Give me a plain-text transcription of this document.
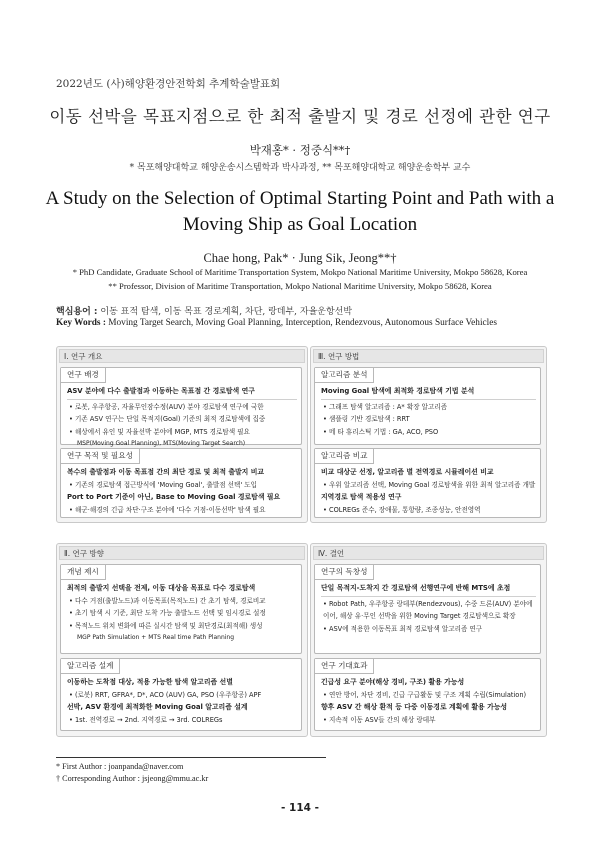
2022년도 (사)해양환경안전학회 추계학술발표회
이동 선박을 목표지점으로 한 최적 출발지 및 경로 선정에 관한 연구
박재홍* · 정중식**†
* 목포해양대학교 해양운송시스템학과 박사과정, ** 목포해양대학교 해양운송학부 교수
A Study on the Selection of Optimal Starting Point and Path with a Moving Ship as Goal Location
Chae hong, Pak* · Jung Sik, Jeong**†
* PhD Candidate, Graduate School of Maritime Transportation System, Mokpo National Maritime University, Mokpo 58628, Korea
** Professor, Division of Maritime Transportation, Mokpo National Maritime University, Mokpo 58628, Korea
핵심용어 : 이동 표적 탐색, 이동 목표 경로계획, 차단, 랑데부, 자율운항선박
Key Words : Moving Target Search, Moving Goal Planning, Interception, Rendezvous, Autonomous Surface Vehicles
Ⅰ. 연구 개요
연구 배경
ASV 분야에 다수 출발점과 이동하는 목표점 간 경로탐색 연구
• 로봇, 우주항공, 자율무인잠수정(AUV) 분야 경로탐색 연구에 국한
• 기존 ASV 연구는 단일 목적지(Goal) 기준의 최적 경로탐색에 집중
• 해상에서 유인 및 자율선박 분야에 MGP, MTS 경로탐색 필요
MSP(Moving Goal Planning), MTS(Moving Target Search)
연구 목적 및 필요성
복수의 출발점과 이동 목표점 간의 최단 경로 및 최적 출발지 비교
• 기존의 경로탐색 접근방식에 'Moving Goal', 출발점 선택' 도입
Port to Port 기준이 아닌, Base to Moving Goal 경로탐색 필요
• 해군·해경의 긴급 차단·구조 분야에 '다수 거점-이동선박' 탐색 필요
Ⅲ. 연구 방법
알고리즘 분석
Moving Goal 탐색에 최적화 경로탐색 기법 분석
• 그래프 탐색 알고리즘 : A* 확장 알고리즘
• 샘플링 기반 경로탐색 : RRT
• 메 타 휴리스틱 기법 : GA, ACO, PSO
알고리즘 비교
비교 대상군 선정, 알고리즘 별 전역경로 시뮬레이션 비교
• 우위 알고리즘 선택, Moving Goal 경로탐색을 위한 최적 알고리즘 개발
지역경로 탐색 적용성 연구
• COLREGs 준수, 장애물, 통항량, 조종성능, 안전영역
Ⅱ. 연구 방향
개념 제시
최적의 출발지 선택을 전제, 이동 대상을 목표로 다수 경로탐색
• 다수 거점(출발노드)과 이동목표(목적노드) 간 초기 탐색, 경로비교
• 초기 탐색 시 기준, 최단 도착 가능 출발노드 선택 및 임시경로 설정
• 목적노드 위치 변화에 따른 실시간 탐색 및 최단경로(최적해) 생성
MGP Path Simulation + MTS Real time Path Planning
알고리즘 설계
이동하는 도착점 대상, 적용 가능한 탐색 알고리즘 선별
• (로봇) RRT, GFRA*, D*, ACO (AUV) GA, PSO (우주항공) APF
선박, ASV 환경에 최적화한 Moving Goal 알고리즘 설계
• 1st. 전역경로 → 2nd. 지역경로 → 3rd. COLREGs
Ⅳ. 결언
연구의 독창성
단일 목적지-도착지 간 경로탐색 선행연구에 반해 MTS에 초점
• Robot Path, 우주항공 랑데부(Rendezvous), 수중 드론(AUV) 분야에
이어, 해상 유·무인 선박을 위한 Moving Target 경로탐색으로 확장
• ASV에 적용한 이동목표 최적 경로탐색 알고리즘 연구
연구 기대효과
긴급성 요구 분야(해상 경비, 구조) 활용 가능성
• 연안 방어, 차단 경비, 긴급 구급활동 및 구조 계획 수립(Simulation)
향후 ASV 간 해상 환적 등 다중 이동경로 계획에 활용 가능성
• 지속적 이동 ASV들 간의 해상 랑데부
* First Author : joanpanda@naver.com
† Corresponding Author : jsjeong@mmu.ac.kr
- 114 -
